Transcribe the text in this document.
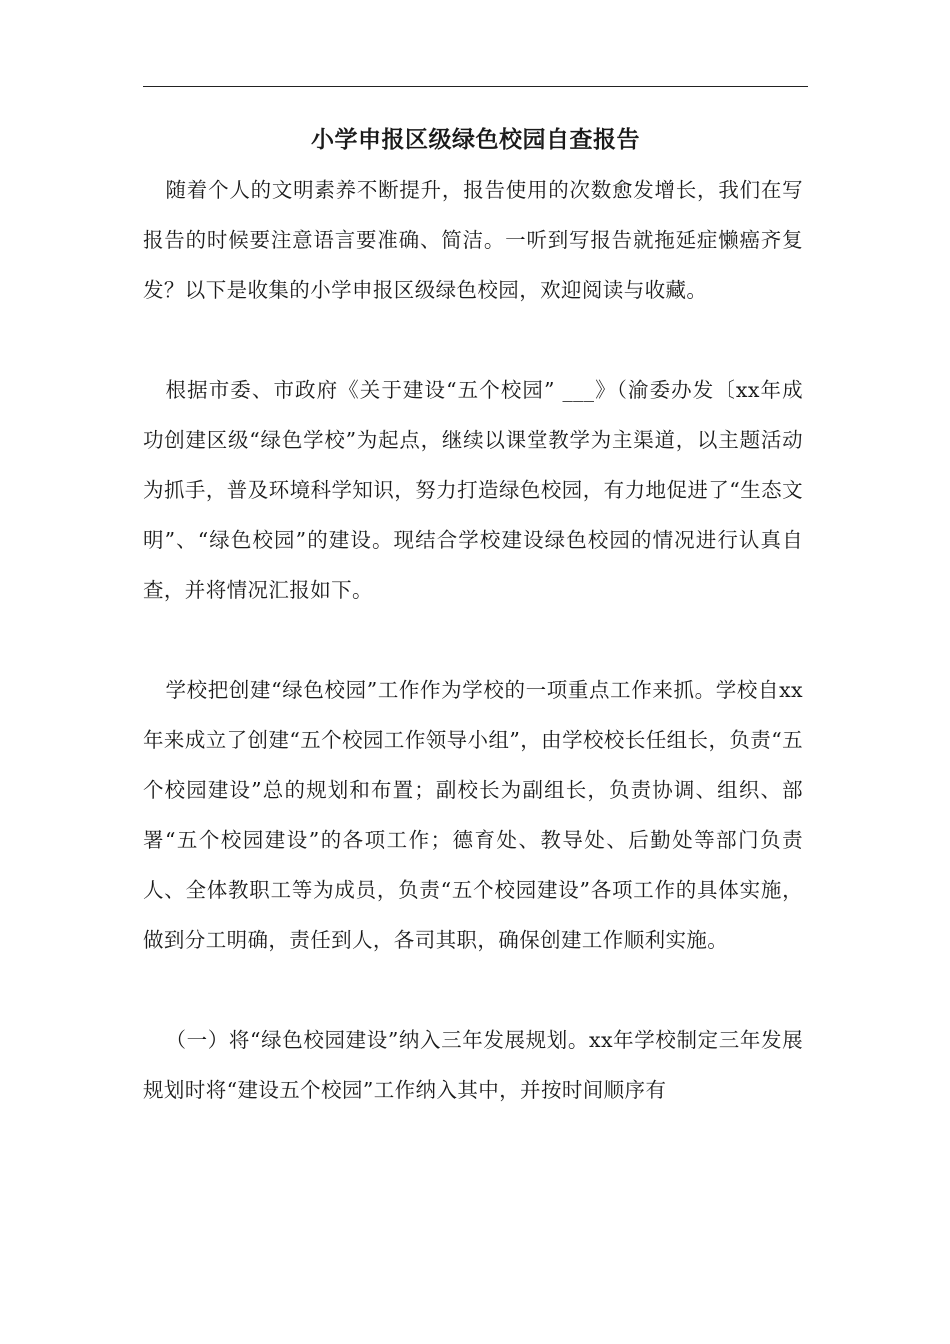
小学申报区级绿色校园自查报告

随着个人的文明素养不断提升，报告使用的次数愈发增长，我们在写报告的时候要注意语言要准确、简洁。一听到写报告就拖延症懒癌齐复发？以下是收集的小学申报区级绿色校园，欢迎阅读与收藏。

根据市委、市政府《关于建设“五个校园” ___》（渝委办发〔xx年成功创建区级“绿色学校”为起点，继续以课堂教学为主渠道，以主题活动为抓手，普及环境科学知识，努力打造绿色校园，有力地促进了“生态文明”、“绿色校园”的建设。现结合学校建设绿色校园的情况进行认真自查，并将情况汇报如下。

学校把创建“绿色校园”工作作为学校的一项重点工作来抓。学校自xx年来成立了创建“五个校园工作领导小组”，由学校校长任组长，负责“五个校园建设”总的规划和布置；副校长为副组长，负责协调、组织、部署“五个校园建设”的各项工作；德育处、教导处、后勤处等部门负责人、全体教职工等为成员，负责“五个校园建设”各项工作的具体实施，做到分工明确，责任到人，各司其职，确保创建工作顺利实施。

（一）将“绿色校园建设”纳入三年发展规划。xx年学校制定三年发展规划时将“建设五个校园”工作纳入其中，并按时间顺序有
